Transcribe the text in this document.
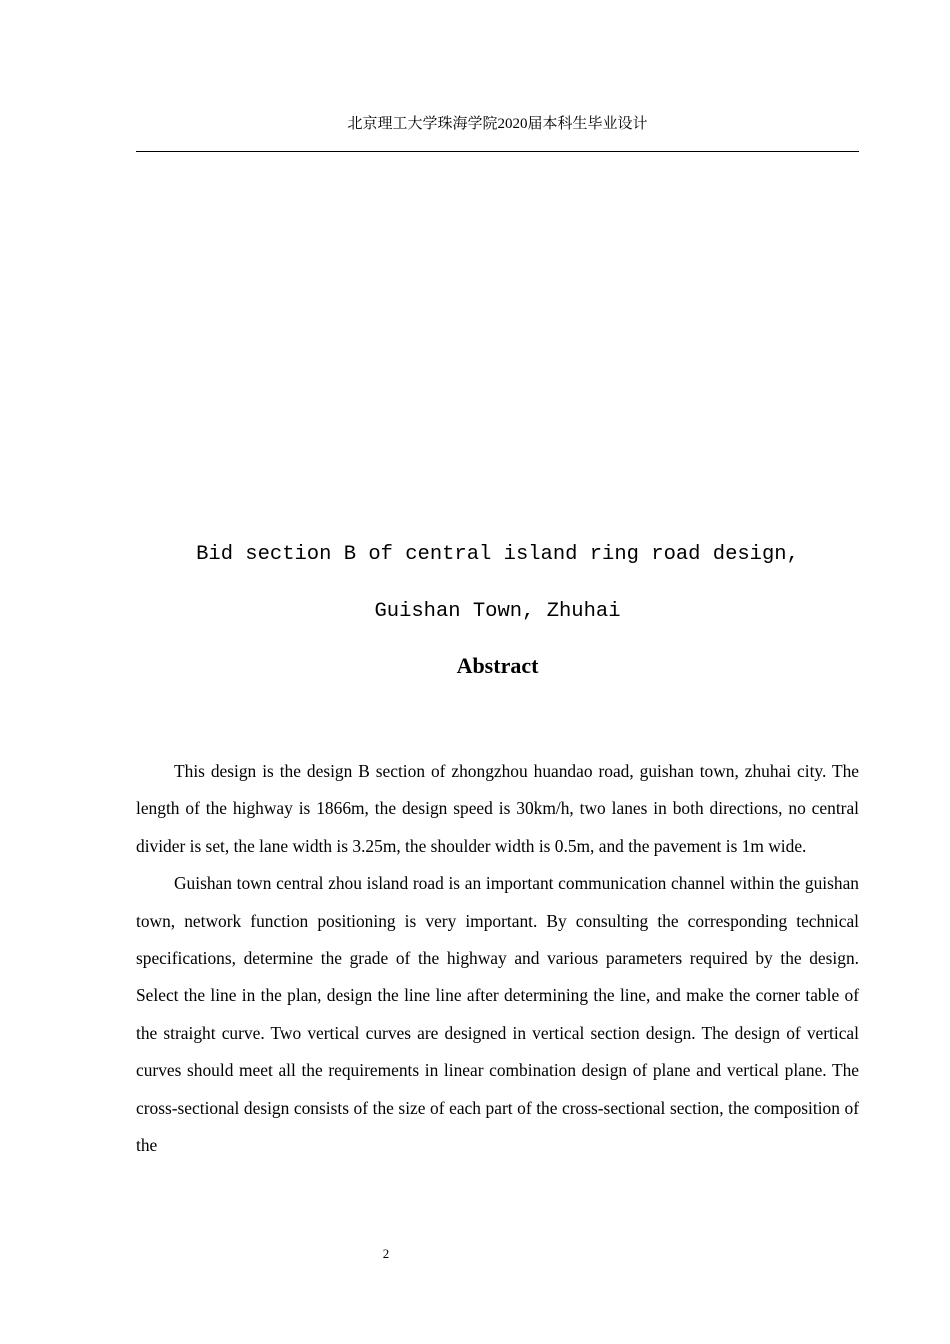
北京理工大学珠海学院2020届本科生毕业设计
Bid section B of central island ring road design,
Guishan Town, Zhuhai
Abstract

This design is the design B section of zhongzhou huandao road, guishan town, zhuhai city. The length of the highway is 1866m, the design speed is 30km/h, two lanes in both directions, no central divider is set, the lane width is 3.25m, the shoulder width is 0.5m, and the pavement is 1m wide.

Guishan town central zhou island road is an important communication channel within the guishan town, network function positioning is very important. By consulting the corresponding technical specifications, determine the grade of the highway and various parameters required by the design. Select the line in the plan, design the line line after determining the line, and make the corner table of the straight curve. Two vertical curves are designed in vertical section design. The design of vertical curves should meet all the requirements in linear combination design of plane and vertical plane. The cross-sectional design consists of the size of each part of the cross-sectional section, the composition of the

2
